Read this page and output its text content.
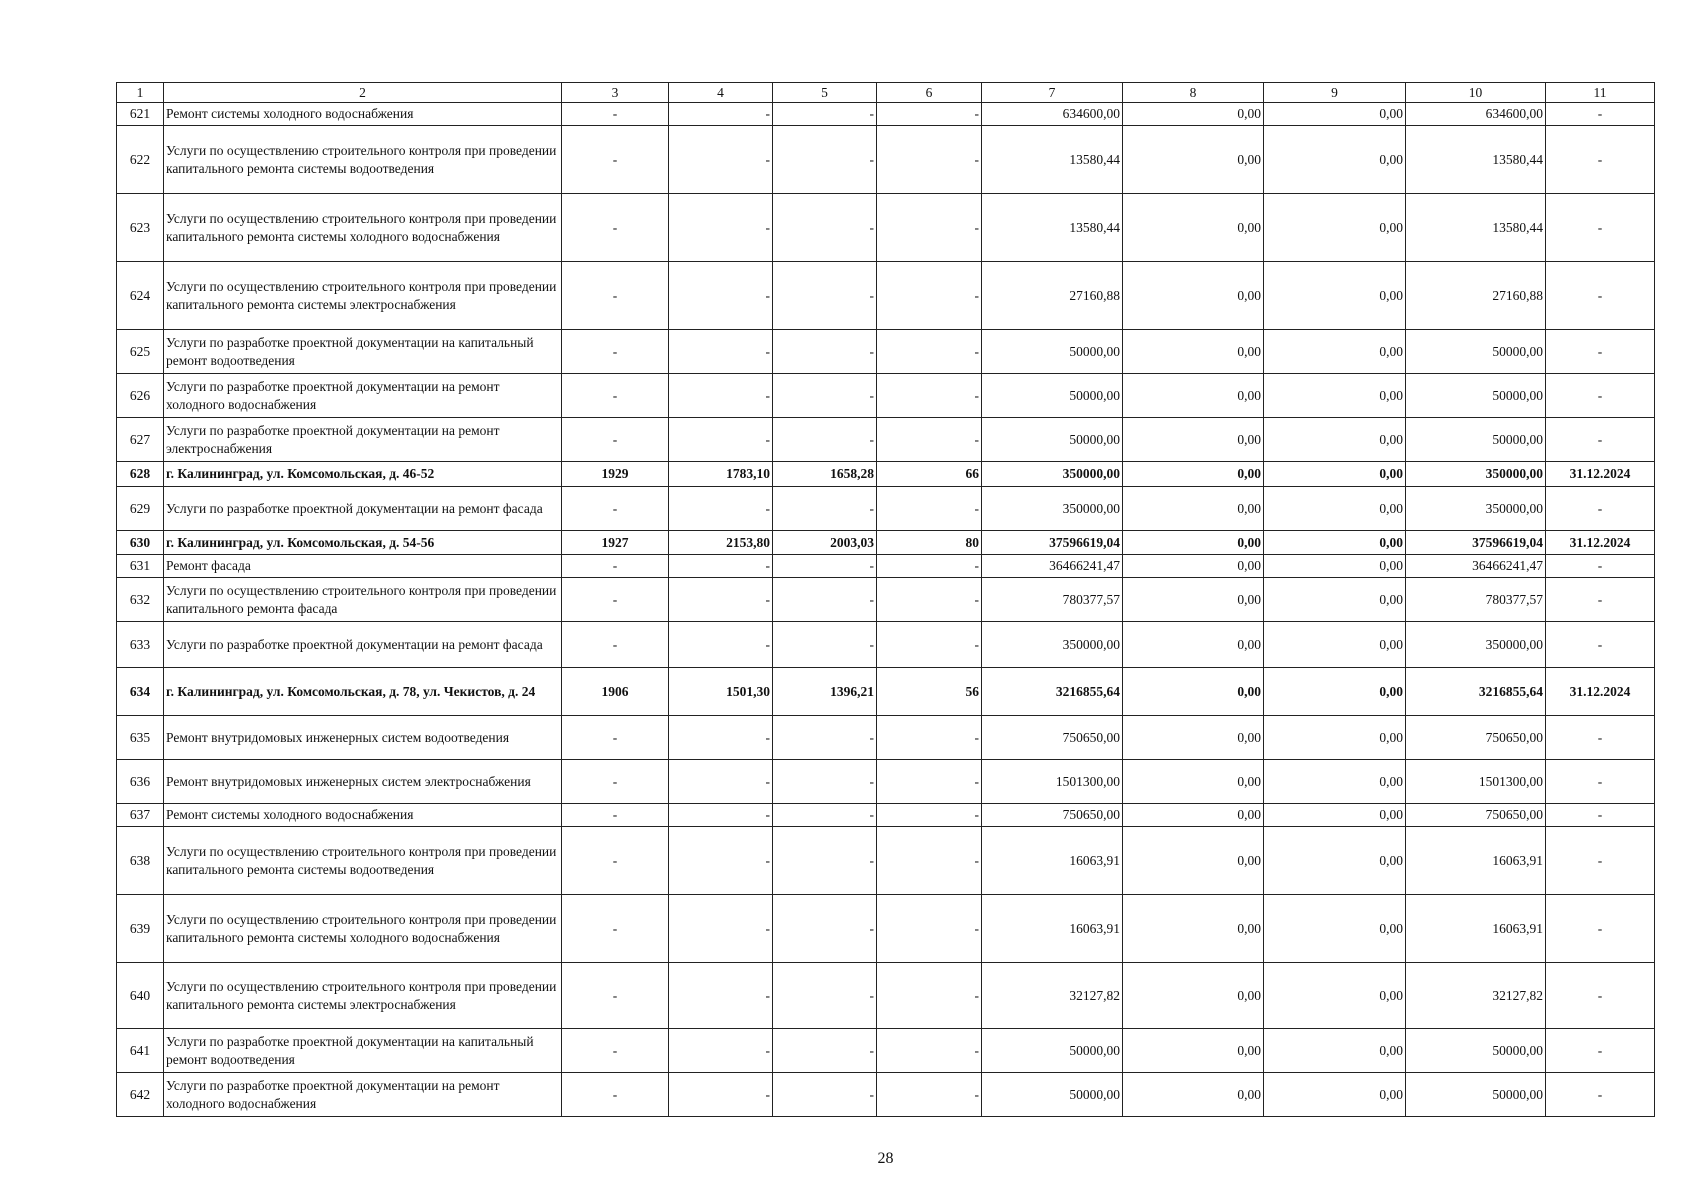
1	2	3	4	5	6	7	8	9	10	11
621	Ремонт системы холодного водоснабжения	-	-	-	-	634600,00	0,00	0,00	634600,00	-
622	Услуги по осуществлению строительного контроля при проведении капитального ремонта системы водоотведения	-	-	-	-	13580,44	0,00	0,00	13580,44	-
623	Услуги по осуществлению строительного контроля при проведении капитального ремонта системы холодного водоснабжения	-	-	-	-	13580,44	0,00	0,00	13580,44	-
624	Услуги по осуществлению строительного контроля при проведении капитального ремонта системы электроснабжения	-	-	-	-	27160,88	0,00	0,00	27160,88	-
625	Услуги по разработке проектной документации на капитальный ремонт водоотведения	-	-	-	-	50000,00	0,00	0,00	50000,00	-
626	Услуги по разработке проектной документации на ремонт холодного водоснабжения	-	-	-	-	50000,00	0,00	0,00	50000,00	-
627	Услуги по разработке проектной документации на ремонт электроснабжения	-	-	-	-	50000,00	0,00	0,00	50000,00	-
628	г. Калининград, ул. Комсомольская, д. 46-52	1929	1783,10	1658,28	66	350000,00	0,00	0,00	350000,00	31.12.2024
629	Услуги по разработке проектной документации на ремонт фасада	-	-	-	-	350000,00	0,00	0,00	350000,00	-
630	г. Калининград, ул. Комсомольская, д. 54-56	1927	2153,80	2003,03	80	37596619,04	0,00	0,00	37596619,04	31.12.2024
631	Ремонт фасада	-	-	-	-	36466241,47	0,00	0,00	36466241,47	-
632	Услуги по осуществлению строительного контроля при проведении капитального ремонта фасада	-	-	-	-	780377,57	0,00	0,00	780377,57	-
633	Услуги по разработке проектной документации на ремонт фасада	-	-	-	-	350000,00	0,00	0,00	350000,00	-
634	г. Калининград, ул. Комсомольская, д. 78, ул. Чекистов, д. 24	1906	1501,30	1396,21	56	3216855,64	0,00	0,00	3216855,64	31.12.2024
635	Ремонт внутридомовых инженерных систем водоотведения	-	-	-	-	750650,00	0,00	0,00	750650,00	-
636	Ремонт внутридомовых инженерных систем электроснабжения	-	-	-	-	1501300,00	0,00	0,00	1501300,00	-
637	Ремонт системы холодного водоснабжения	-	-	-	-	750650,00	0,00	0,00	750650,00	-
638	Услуги по осуществлению строительного контроля при проведении капитального ремонта системы водоотведения	-	-	-	-	16063,91	0,00	0,00	16063,91	-
639	Услуги по осуществлению строительного контроля при проведении капитального ремонта системы холодного водоснабжения	-	-	-	-	16063,91	0,00	0,00	16063,91	-
640	Услуги по осуществлению строительного контроля при проведении капитального ремонта системы электроснабжения	-	-	-	-	32127,82	0,00	0,00	32127,82	-
641	Услуги по разработке проектной документации на капитальный ремонт водоотведения	-	-	-	-	50000,00	0,00	0,00	50000,00	-
642	Услуги по разработке проектной документации на ремонт холодного водоснабжения	-	-	-	-	50000,00	0,00	0,00	50000,00	-
28
